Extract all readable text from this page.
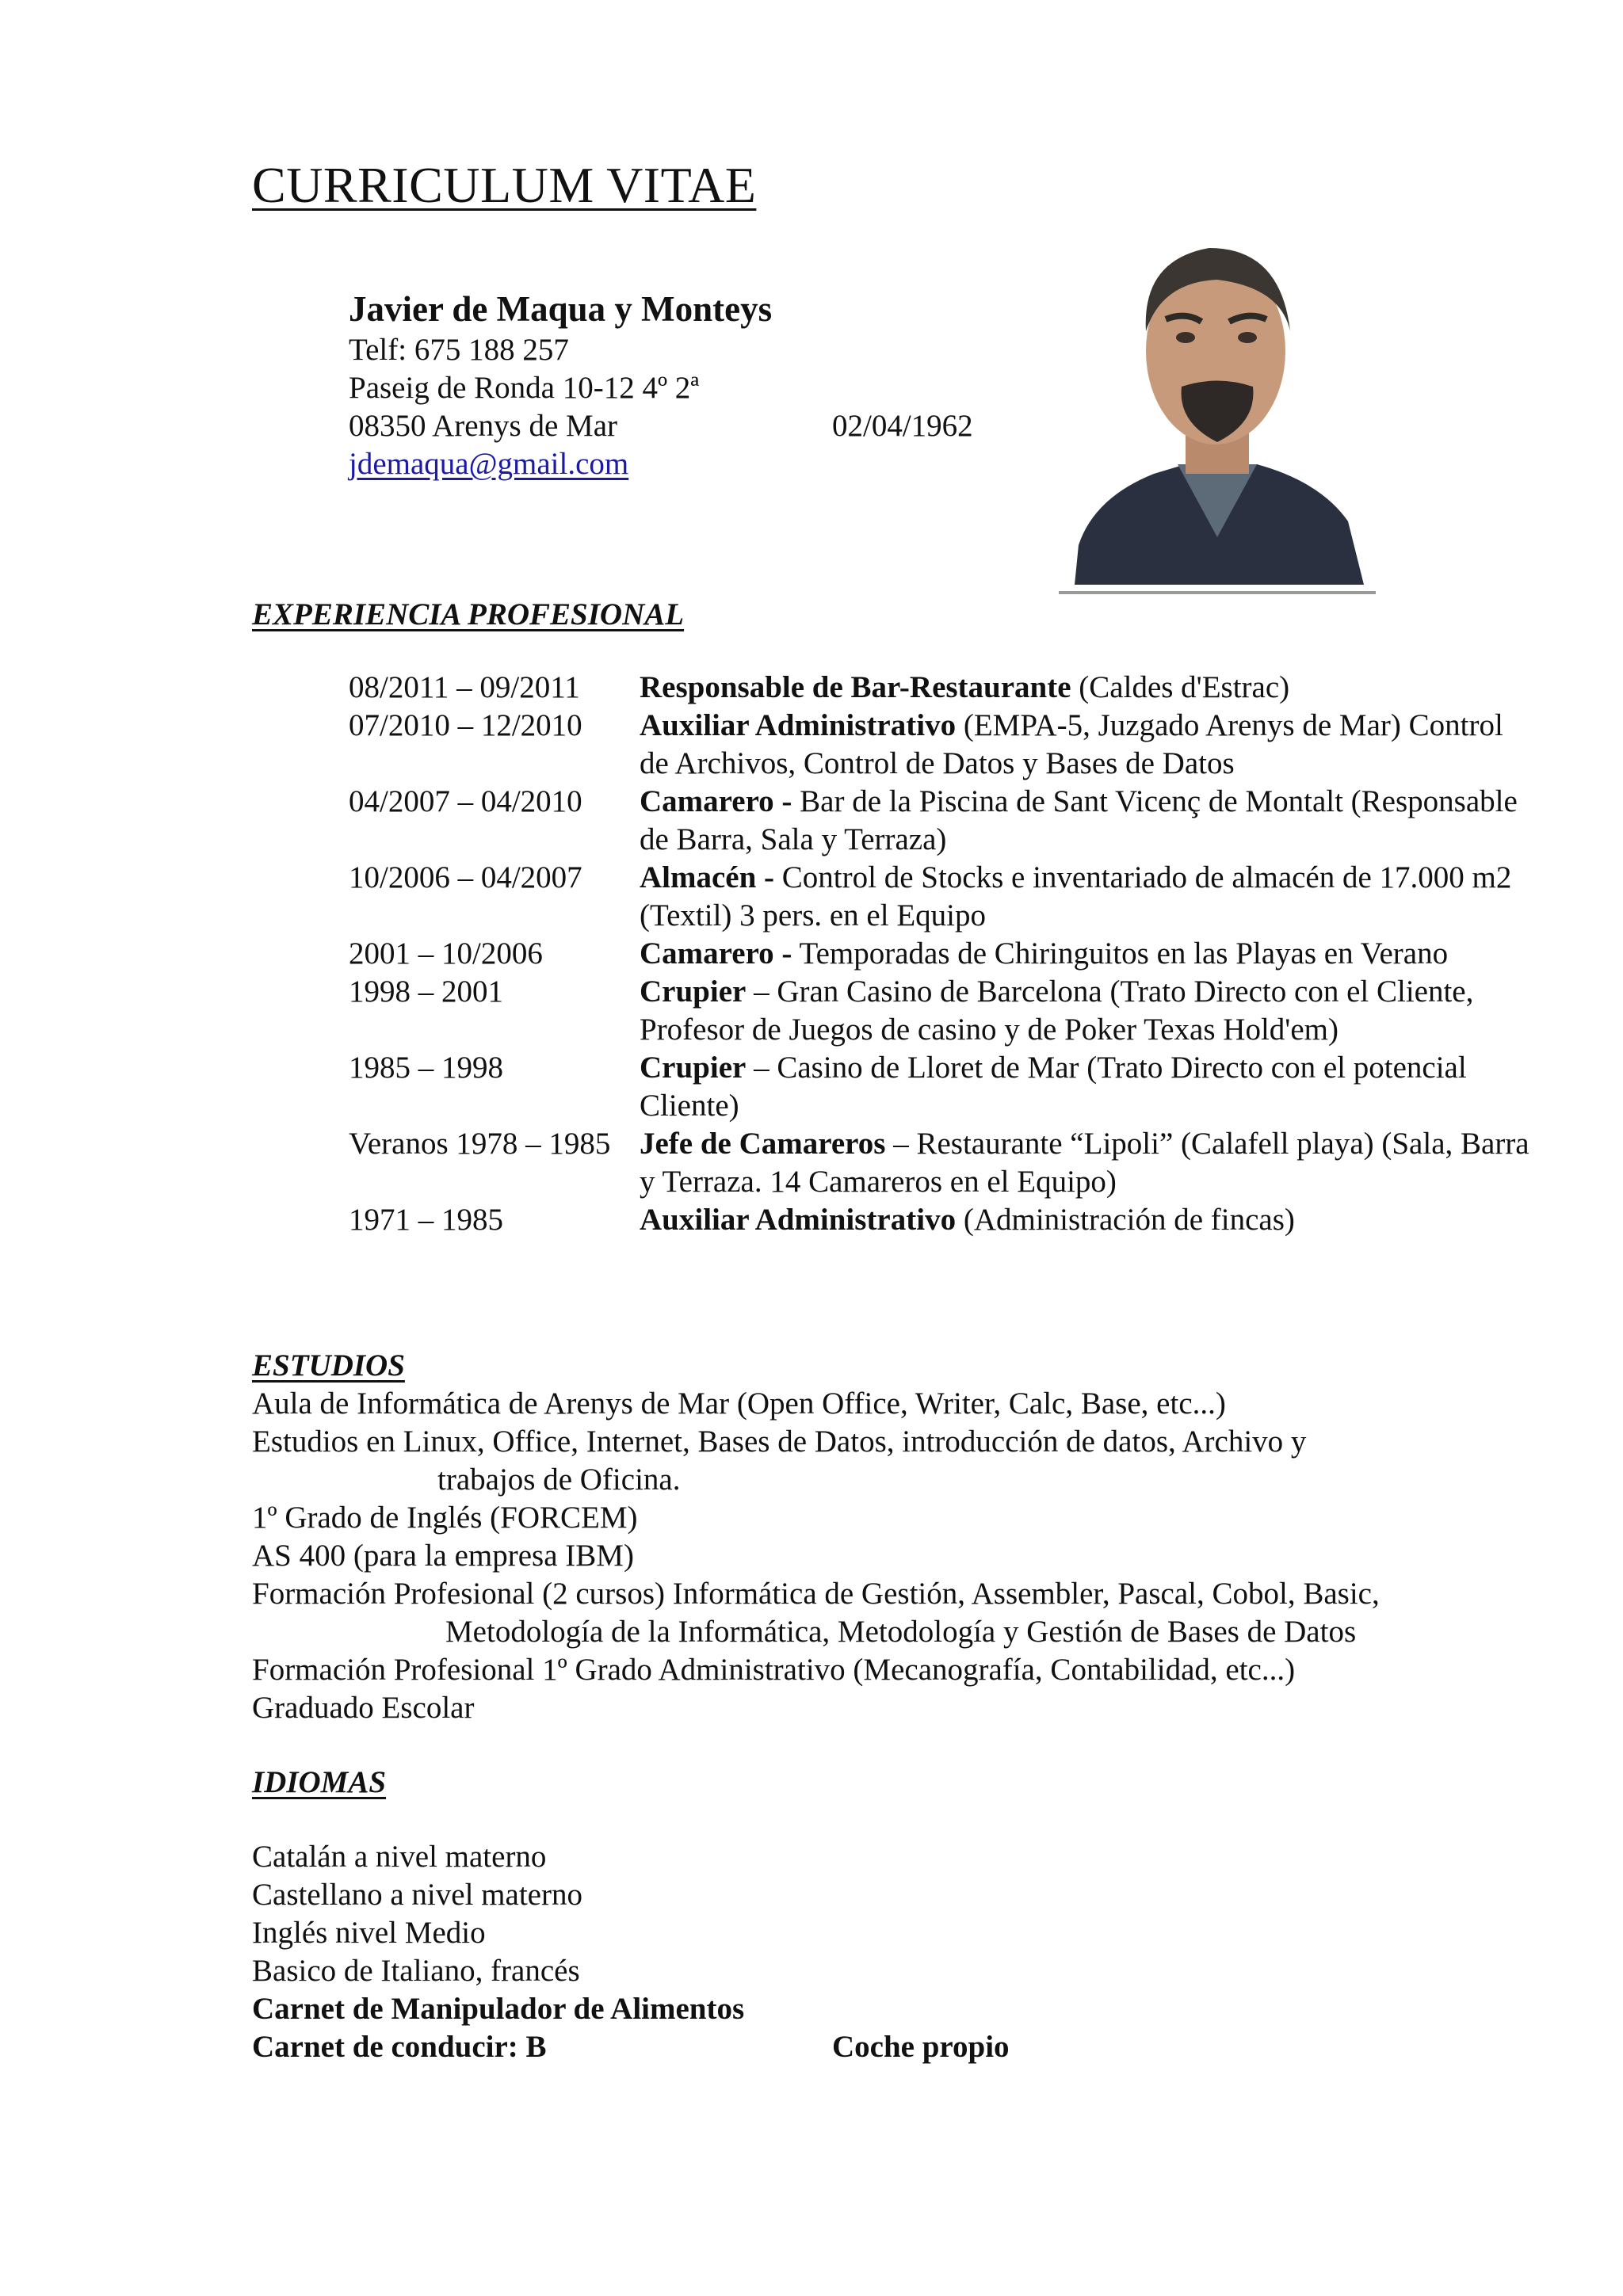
CURRICULUM VITAE
Javier de Maqua y Monteys
Telf: 675 188 257
Paseig de Ronda 10-12 4º 2ª
08350 Arenys de Mar	02/04/1962
jdemaqua@gmail.com
EXPERIENCIA PROFESIONAL
08/2011 – 09/2011	Responsable de Bar-Restaurante (Caldes d'Estrac)
07/2010 – 12/2010	Auxiliar Administrativo (EMPA-5, Juzgado Arenys de Mar) Control de Archivos, Control de Datos y Bases de Datos
04/2007 – 04/2010	Camarero - Bar de la Piscina de Sant Vicenç de Montalt (Responsable de Barra, Sala y Terraza)
10/2006 – 04/2007	Almacén - Control de Stocks e inventariado de almacén de 17.000 m2 (Textil) 3 pers. en el Equipo
2001 – 10/2006	Camarero - Temporadas de Chiringuitos en las Playas en Verano
1998 – 2001	Crupier – Gran Casino de Barcelona (Trato Directo con el Cliente, Profesor de Juegos de casino y de Poker Texas Hold'em)
1985 – 1998	Crupier – Casino de Lloret de Mar (Trato Directo con el potencial Cliente)
Veranos 1978 – 1985 Jefe de Camareros – Restaurante “Lipoli” (Calafell playa) (Sala, Barra y Terraza. 14 Camareros en el Equipo)
1971 – 1985	Auxiliar Administrativo (Administración de fincas)
ESTUDIOS
Aula de Informática de Arenys de Mar (Open Office, Writer, Calc, Base, etc...)
Estudios en Linux, Office, Internet, Bases de Datos, introducción de datos, Archivo y
trabajos de Oficina.
1º Grado de Inglés (FORCEM)
AS 400 (para la empresa IBM)
Formación Profesional (2 cursos) Informática de Gestión, Assembler, Pascal, Cobol, Basic,
Metodología de la Informática, Metodología y Gestión de Bases de Datos
Formación Profesional 1º Grado Administrativo (Mecanografía, Contabilidad, etc...)
Graduado Escolar
IDIOMAS
Catalán a nivel materno
Castellano a nivel materno
Inglés nivel Medio
Basico de Italiano, francés
Carnet de Manipulador de Alimentos
Carnet de conducir: B	Coche propio
